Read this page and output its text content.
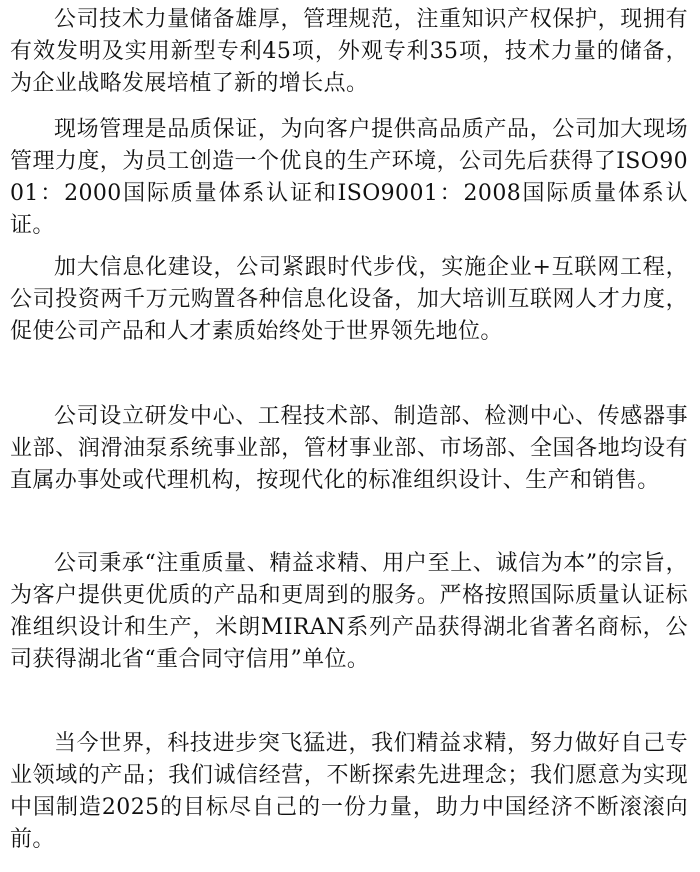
公司技术力量储备雄厚，管理规范，注重知识产权保护，现拥有有效发明及实用新型专利45项，外观专利35项，技术力量的储备，为企业战略发展培植了新的增长点。

现场管理是品质保证，为向客户提供高品质产品，公司加大现场管理力度，为员工创造一个优良的生产环境，公司先后获得了ISO9001：2000国际质量体系认证和ISO9001：2008国际质量体系认证。

加大信息化建设，公司紧跟时代步伐，实施企业+互联网工程，公司投资两千万元购置各种信息化设备，加大培训互联网人才力度，促使公司产品和人才素质始终处于世界领先地位。

公司设立研发中心、工程技术部、制造部、检测中心、传感器事业部、润滑油泵系统事业部，管材事业部、市场部、全国各地均设有直属办事处或代理机构，按现代化的标准组织设计、生产和销售。

公司秉承“注重质量、精益求精、用户至上、诚信为本”的宗旨，为客户提供更优质的产品和更周到的服务。严格按照国际质量认证标准组织设计和生产，米朗MIRAN系列产品获得湖北省著名商标，公司获得湖北省“重合同守信用”单位。

当今世界，科技进步突飞猛进，我们精益求精，努力做好自己专业领域的产品；我们诚信经营，不断探索先进理念；我们愿意为实现中国制造2025的目标尽自己的一份力量，助力中国经济不断滚滚向前。
